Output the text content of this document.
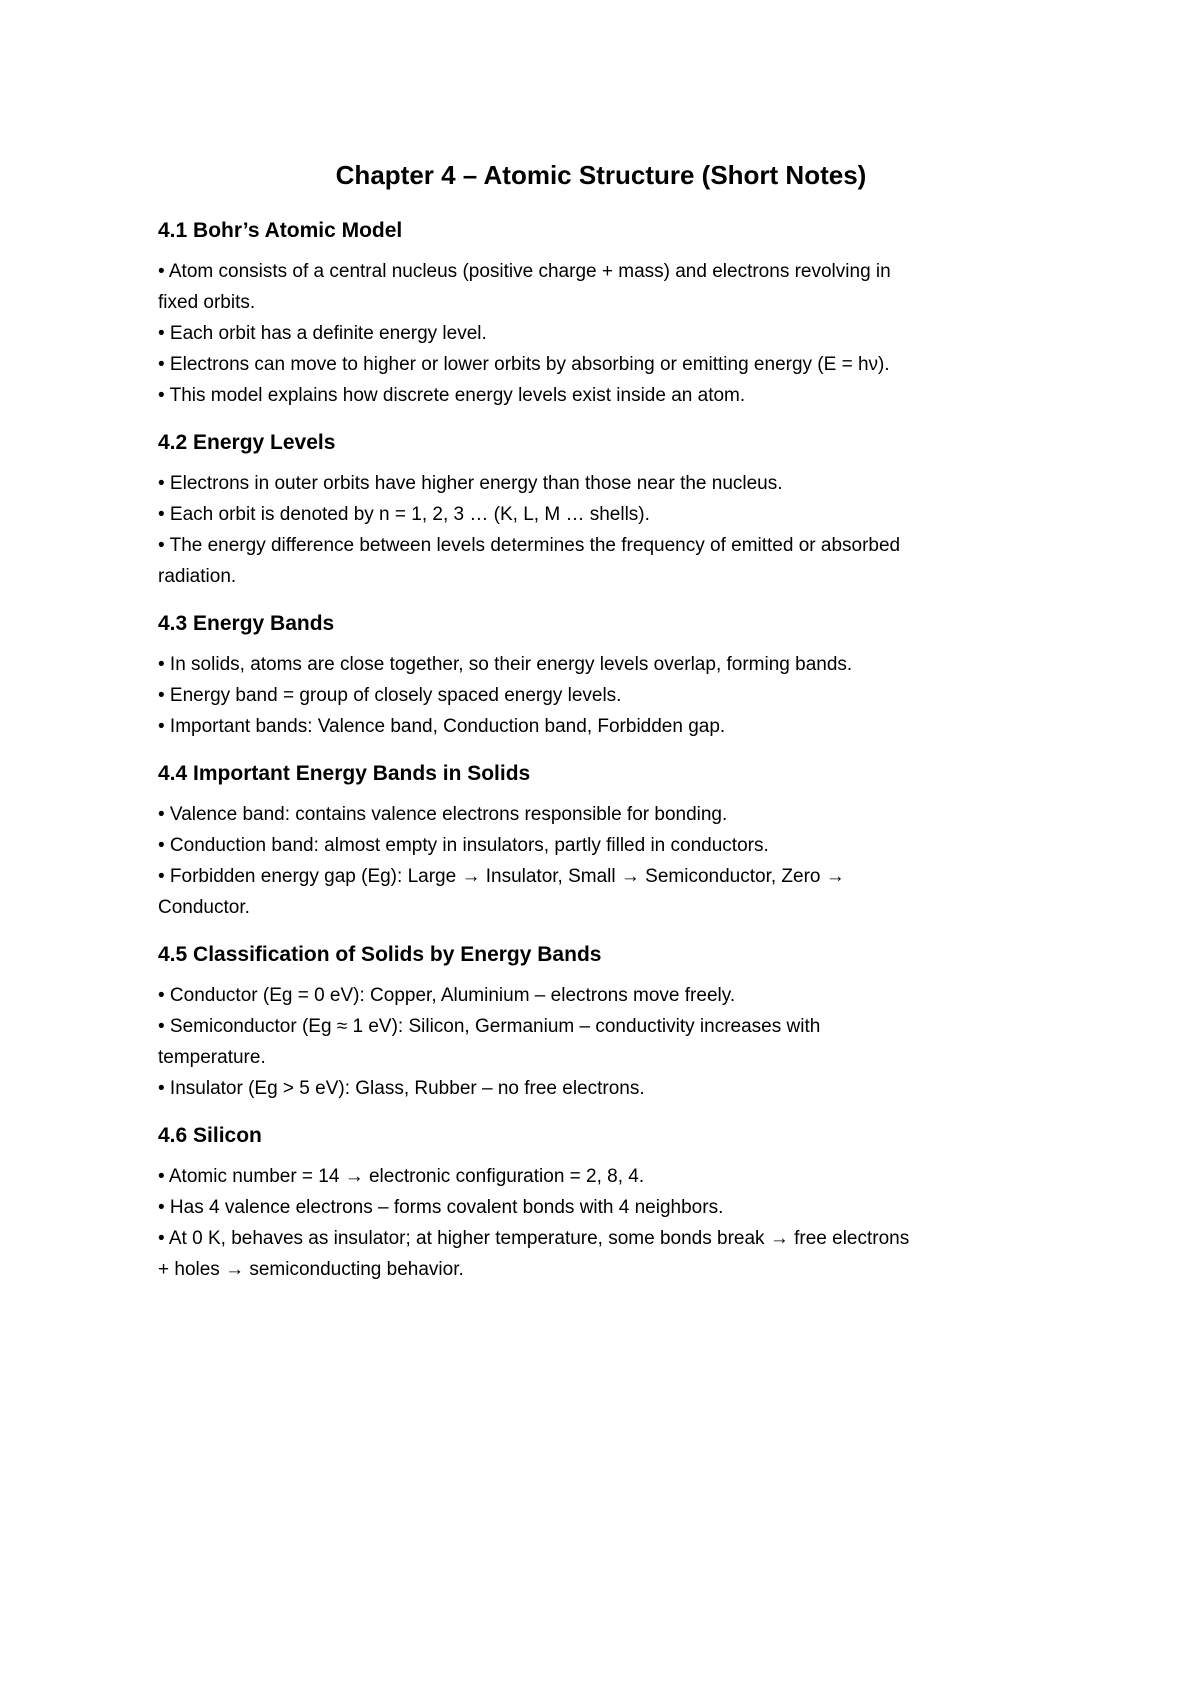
Chapter 4 – Atomic Structure (Short Notes)
4.1 Bohr’s Atomic Model

• Atom consists of a central nucleus (positive charge + mass) and electrons revolving in

fixed orbits.

• Each orbit has a definite energy level.

• Electrons can move to higher or lower orbits by absorbing or emitting energy (E = hν).

• This model explains how discrete energy levels exist inside an atom.

4.2 Energy Levels

• Electrons in outer orbits have higher energy than those near the nucleus.

• Each orbit is denoted by n = 1, 2, 3 … (K, L, M … shells).

• The energy difference between levels determines the frequency of emitted or absorbed

radiation.

4.3 Energy Bands

• In solids, atoms are close together, so their energy levels overlap, forming bands.

• Energy band = group of closely spaced energy levels.

• Important bands: Valence band, Conduction band, Forbidden gap.

4.4 Important Energy Bands in Solids

• Valence band: contains valence electrons responsible for bonding.

• Conduction band: almost empty in insulators, partly filled in conductors.

• Forbidden energy gap (Eg): Large → Insulator, Small → Semiconductor, Zero →

Conductor.

4.5 Classification of Solids by Energy Bands

• Conductor (Eg = 0 eV): Copper, Aluminium – electrons move freely.

• Semiconductor (Eg ≈ 1 eV): Silicon, Germanium – conductivity increases with

temperature.

• Insulator (Eg > 5 eV): Glass, Rubber – no free electrons.

4.6 Silicon

• Atomic number = 14 → electronic configuration = 2, 8, 4.

• Has 4 valence electrons – forms covalent bonds with 4 neighbors.

• At 0 K, behaves as insulator; at higher temperature, some bonds break → free electrons

+ holes → semiconducting behavior.
